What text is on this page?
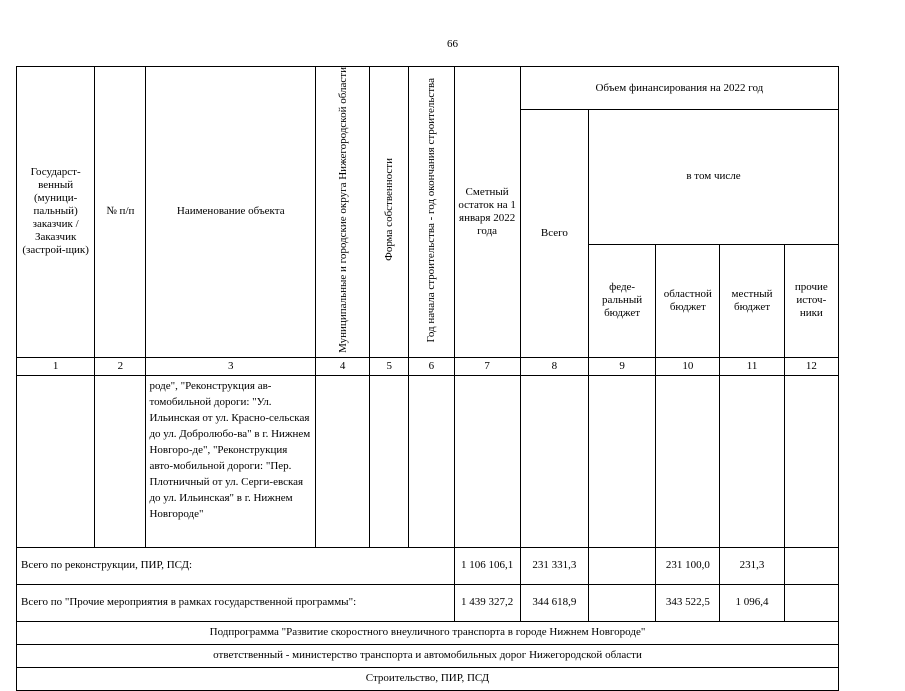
66
Государст-венный (муници-пальный) заказчик / Заказчик (застрой-щик)	№ п/п	Наименование объекта	Муниципальные и городские округа Нижегородской области	Форма собственности	Год начала строительства - год окончания строительства	Сметный остаток на 1 января 2022 года	Объем финансирования на 2022 год				
							Всего	в том числе			
								феде-ральный бюджет	областной бюджет	местный бюджет	прочие источ-ники
1	2	3	4	5	6	7	8	9	10	11	12
		роде", "Реконструкция ав-томобильной дороги: "Ул. Ильинская от ул. Красно-сельская до ул. Добролюбо-ва" в г. Нижнем Новгоро-де", "Реконструкция авто-мобильной дороги: "Пер. Плотничный от ул. Серги-евская до ул. Ильинская" в г. Нижнем Новгороде"									
Всего по реконструкции, ПИР, ПСД:						1 106 106,1	231 331,3		231 100,0	231,3	
Всего по "Прочие мероприятия в рамках государственной программы":						1 439 327,2	344 618,9		343 522,5	1 096,4	
Подпрограмма "Развитие скоростного внеуличного транспорта в городе Нижнем Новгороде"											
ответственный - министерство транспорта и автомобильных дорог Нижегородской области											
Строительство, ПИР, ПСД											
